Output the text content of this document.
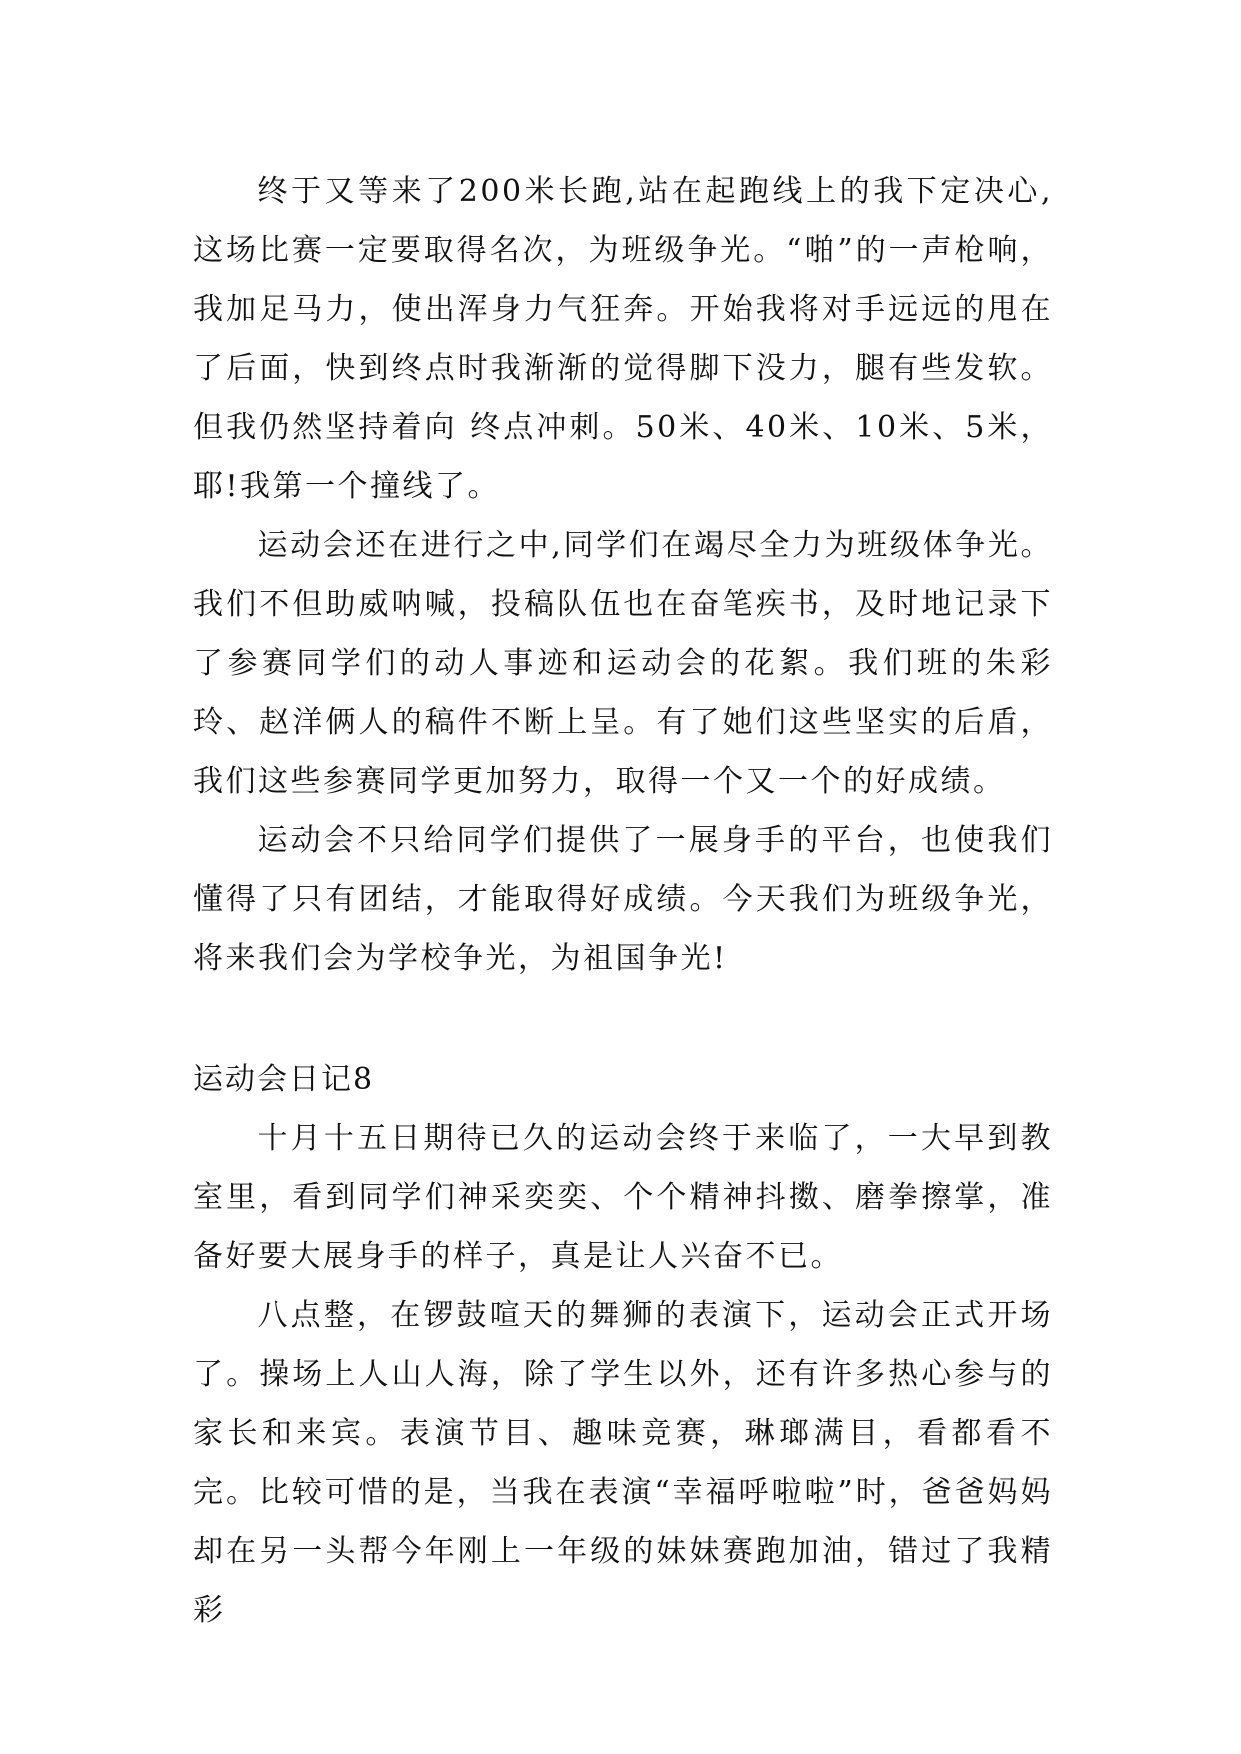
终于又等来了200米长跑,站在起跑线上的我下定决心,这场比赛一定要取得名次，为班级争光。“啪”的一声枪响，我加足马力，使出浑身力气狂奔。开始我将对手远远的甩在了后面，快到终点时我渐渐的觉得脚下没力，腿有些发软。但我仍然坚持着向 终点冲刺。50米、40米、10米、5米，耶!我第一个撞线了。

运动会还在进行之中,同学们在竭尽全力为班级体争光。我们不但助威呐喊，投稿队伍也在奋笔疾书，及时地记录下了参赛同学们的动人事迹和运动会的花絮。我们班的朱彩玲、赵洋俩人的稿件不断上呈。有了她们这些坚实的后盾，我们这些参赛同学更加努力，取得一个又一个的好成绩。

运动会不只给同学们提供了一展身手的平台，也使我们懂得了只有团结，才能取得好成绩。今天我们为班级争光，将来我们会为学校争光，为祖国争光!

运动会日记8

十月十五日期待已久的运动会终于来临了，一大早到教室里，看到同学们神采奕奕、个个精神抖擞、磨拳擦掌，准备好要大展身手的样子，真是让人兴奋不已。

八点整，在锣鼓喧天的舞狮的表演下，运动会正式开场了。操场上人山人海，除了学生以外，还有许多热心参与的家长和来宾。表演节目、趣味竞赛，琳瑯满目，看都看不完。比较可惜的是，当我在表演“幸福呼啦啦”时，爸爸妈妈却在另一头帮今年刚上一年级的妹妹赛跑加油，错过了我精彩
